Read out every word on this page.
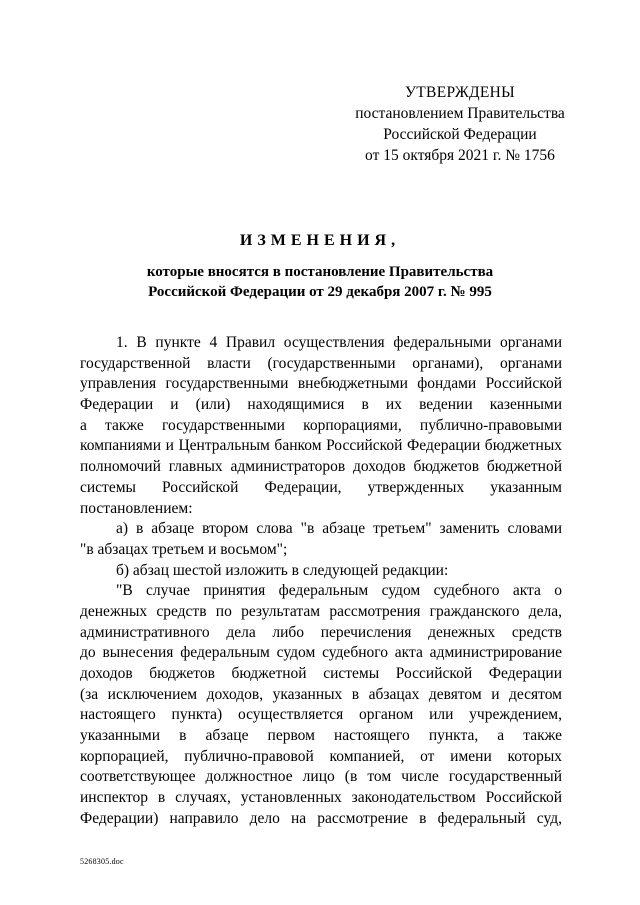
УТВЕРЖДЕНЫ
постановлением Правительства
Российской Федерации
от 15 октября 2021 г. № 1756
ИЗМЕНЕНИЯ,
которые вносятся в постановление Правительства
Российской Федерации от 29 декабря 2007 г. № 995
1. В пункте 4 Правил осуществления федеральными органами
государственной власти (государственными органами), органами
управления государственными внебюджетными фондами Российской
Федерации и (или) находящимися в их ведении казенными
а также государственными корпорациями, публично-правовыми
компаниями и Центральным банком Российской Федерации бюджетных
полномочий главных администраторов доходов бюджетов бюджетной
системы Российской Федерации, утвержденных указанным
постановлением:
а) в абзаце втором слова "в абзаце третьем" заменить словами
"в абзацах третьем и восьмом";
б) абзац шестой изложить в следующей редакции:
"В случае принятия федеральным судом судебного акта о
денежных средств по результатам рассмотрения гражданского дела,
административного дела либо перечисления денежных средств
до вынесения федеральным судом судебного акта администрирование
доходов бюджетов бюджетной системы Российской Федерации
(за исключением доходов, указанных в абзацах девятом и десятом
настоящего пункта) осуществляется органом или учреждением,
указанными в абзаце первом настоящего пункта, а также
корпорацией, публично-правовой компанией, от имени которых
соответствующее должностное лицо (в том числе государственный
инспектор в случаях, установленных законодательством Российской
Федерации) направило дело на рассмотрение в федеральный суд,
5268305.doc
